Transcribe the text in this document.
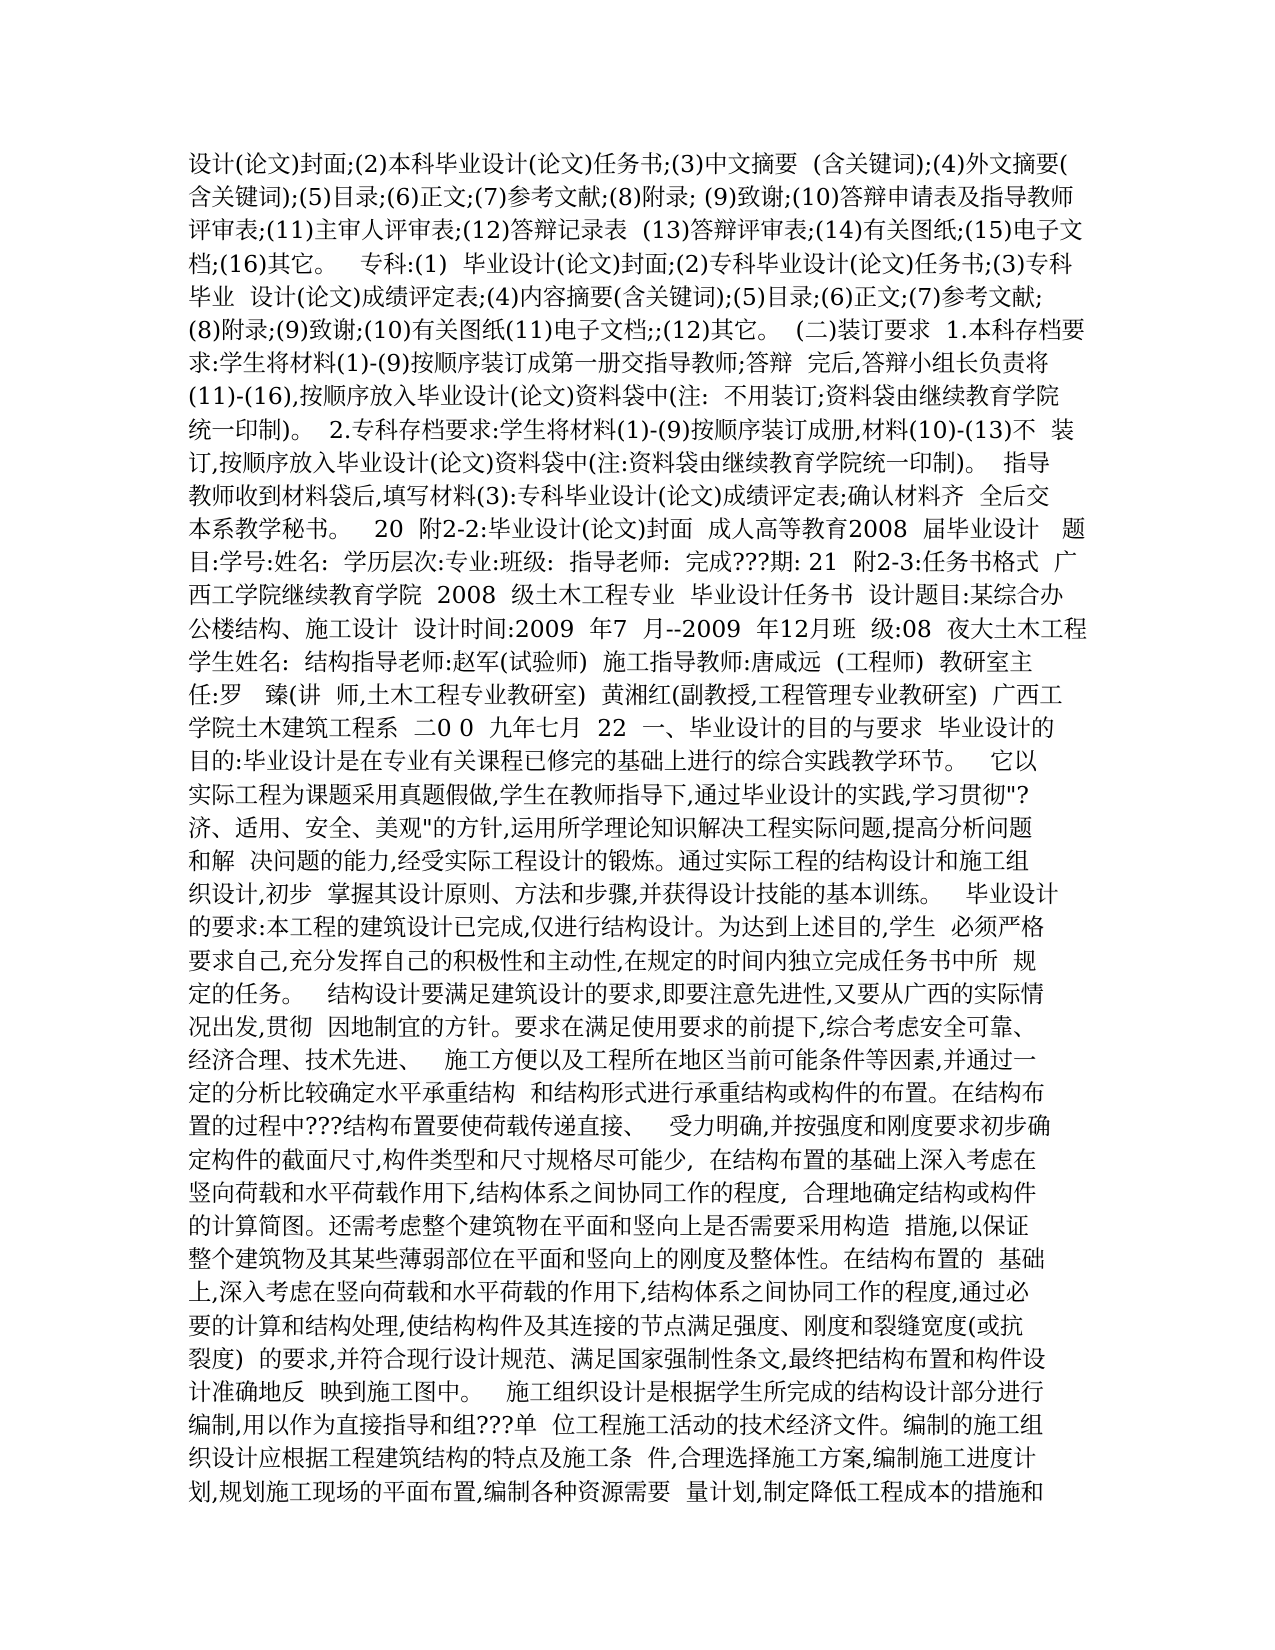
设计(论文)封面;(2)本科毕业设计(论文)任务书;(3)中文摘要  (含关键词);(4)外文摘要(
含关键词);(5)目录;(6)正文;(7)参考文献;(8)附录; (9)致谢;(10)答辩申请表及指导教师
评审表;(11)主审人评审表;(12)答辩记录表  (13)答辩评审表;(14)有关图纸;(15)电子文
档;(16)其它。   专科:(1)  毕业设计(论文)封面;(2)专科毕业设计(论文)任务书;(3)专科
毕业  设计(论文)成绩评定表;(4)内容摘要(含关键词);(5)目录;(6)正文;(7)参考文献;
(8)附录;(9)致谢;(10)有关图纸(11)电子文档;;(12)其它。  (二)装订要求  1.本科存档要
求:学生将材料(1)-(9)按顺序装订成第一册交指导教师;答辩  完后,答辩小组长负责将
(11)-(16),按顺序放入毕业设计(论文)资料袋中(注:  不用装订;资料袋由继续教育学院
统一印制)。  2.专科存档要求:学生将材料(1)-(9)按顺序装订成册,材料(10)-(13)不  装
订,按顺序放入毕业设计(论文)资料袋中(注:资料袋由继续教育学院统一印制)。  指导
教师收到材料袋后,填写材料(3):专科毕业设计(论文)成绩评定表;确认材料齐  全后交
本系教学秘书。   20  附2-2:毕业设计(论文)封面  成人高等教育2008  届毕业设计   题
目:学号:姓名:  学历层次:专业:班级:  指导老师:  完成???期: 21  附2-3:任务书格式  广
西工学院继续教育学院  2008  级土木工程专业  毕业设计任务书  设计题目:某综合办
公楼结构、施工设计  设计时间:2009  年7  月--2009  年12月班  级:08  夜大土木工程
学生姓名:  结构指导老师:赵军(试验师)  施工指导教师:唐咸远  (工程师)  教研室主
任:罗   臻(讲  师,土木工程专业教研室)  黄湘红(副教授,工程管理专业教研室)  广西工
学院土木建筑工程系  二0 0  九年七月  22  一、毕业设计的目的与要求  毕业设计的
目的:毕业设计是在专业有关课程已修完的基础上进行的综合实践教学环节。   它以
实际工程为课题采用真题假做,学生在教师指导下,通过毕业设计的实践,学习贯彻"?
济、适用、安全、美观"的方针,运用所学理论知识解决工程实际问题,提高分析问题
和解  决问题的能力,经受实际工程设计的锻炼。通过实际工程的结构设计和施工组
织设计,初步  掌握其设计原则、方法和步骤,并获得设计技能的基本训练。   毕业设计
的要求:本工程的建筑设计已完成,仅进行结构设计。为达到上述目的,学生  必须严格
要求自己,充分发挥自己的积极性和主动性,在规定的时间内独立完成任务书中所  规
定的任务。   结构设计要满足建筑设计的要求,即要注意先进性,又要从广西的实际情
况出发,贯彻  因地制宜的方针。要求在满足使用要求的前提下,综合考虑安全可靠、
经济合理、技术先进、   施工方便以及工程所在地区当前可能条件等因素,并通过一
定的分析比较确定水平承重结构  和结构形式进行承重结构或构件的布置。在结构布
置的过程中???结构布置要使荷载传递直接、   受力明确,并按强度和刚度要求初步确
定构件的截面尺寸,构件类型和尺寸规格尽可能少,  在结构布置的基础上深入考虑在
竖向荷载和水平荷载作用下,结构体系之间协同工作的程度,  合理地确定结构或构件
的计算简图。还需考虑整个建筑物在平面和竖向上是否需要采用构造  措施,以保证
整个建筑物及其某些薄弱部位在平面和竖向上的刚度及整体性。在结构布置的  基础
上,深入考虑在竖向荷载和水平荷载的作用下,结构体系之间协同工作的程度,通过必
要的计算和结构处理,使结构构件及其连接的节点满足强度、刚度和裂缝宽度(或抗
裂度)  的要求,并符合现行设计规范、满足国家强制性条文,最终把结构布置和构件设
计准确地反  映到施工图中。   施工组织设计是根据学生所完成的结构设计部分进行
编制,用以作为直接指导和组???单  位工程施工活动的技术经济文件。编制的施工组
织设计应根据工程建筑结构的特点及施工条  件,合理选择施工方案,编制施工进度计
划,规划施工现场的平面布置,编制各种资源需要  量计划,制定降低工程成本的措施和
